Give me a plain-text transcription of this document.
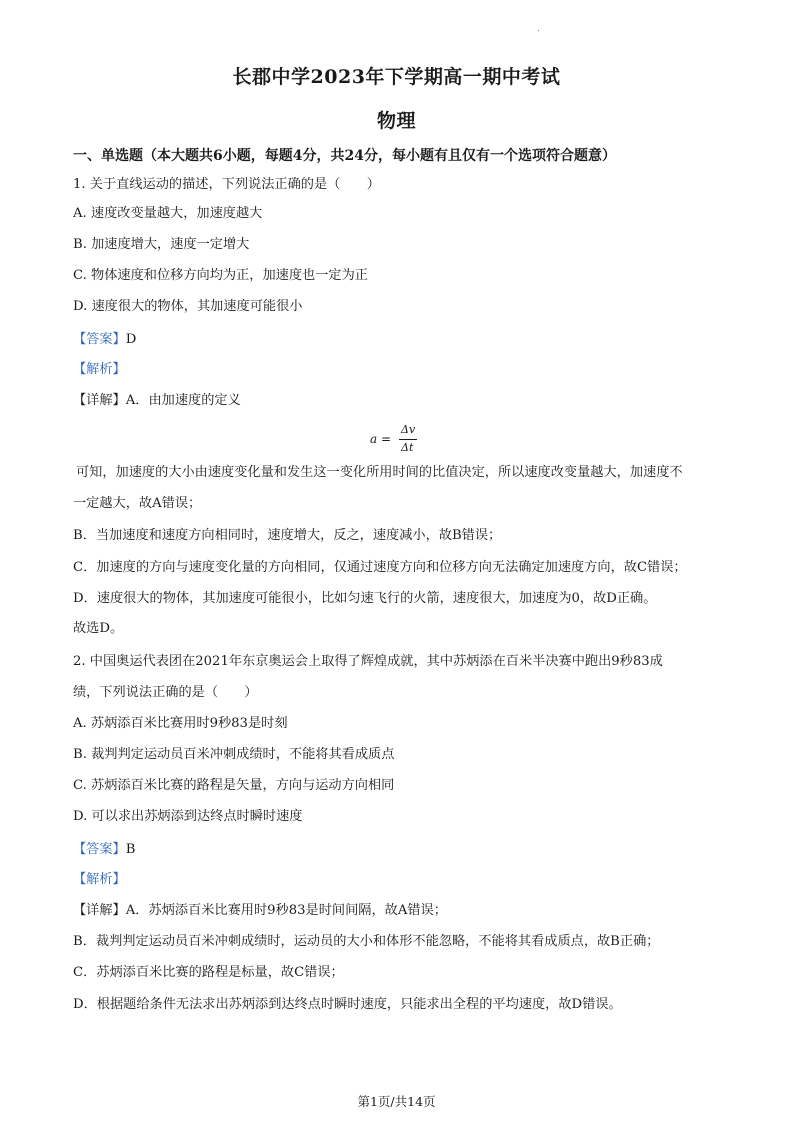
长郡中学2023年下学期高一期中考试
物理
一、单选题（本大题共6小题，每题4分，共24分，每小题有且仅有一个选项符合题意）
1. 关于直线运动的描述，下列说法正确的是（　　）
A. 速度改变量越大，加速度越大
B. 加速度增大，速度一定增大
C. 物体速度和位移方向均为正，加速度也一定为正
D. 速度很大的物体，其加速度可能很小
【答案】D
【解析】
【详解】A．由加速度的定义
a =
Δv
Δt
可知，加速度的大小由速度变化量和发生这一变化所用时间的比值决定，所以速度改变量越大，加速度不
一定越大，故A错误；
B．当加速度和速度方向相同时，速度增大，反之，速度减小，故B错误；
C．加速度的方向与速度变化量的方向相同，仅通过速度方向和位移方向无法确定加速度方向，故C错误；
D．速度很大的物体，其加速度可能很小，比如匀速飞行的火箭，速度很大，加速度为0，故D正确。
故选D。
2. 中国奥运代表团在2021年东京奥运会上取得了辉煌成就，其中苏炳添在百米半决赛中跑出9秒83成
绩，下列说法正确的是（　　）
A. 苏炳添百米比赛用时9秒83是时刻
B. 裁判判定运动员百米冲刺成绩时，不能将其看成质点
C. 苏炳添百米比赛的路程是矢量，方向与运动方向相同
D. 可以求出苏炳添到达终点时瞬时速度
【答案】B
【解析】
【详解】A．苏炳添百米比赛用时9秒83是时间间隔，故A错误；
B．裁判判定运动员百米冲刺成绩时，运动员的大小和体形不能忽略，不能将其看成质点，故B正确；
C．苏炳添百米比赛的路程是标量，故C错误；
D．根据题给条件无法求出苏炳添到达终点时瞬时速度，只能求出全程的平均速度，故D错误。
第1页/共14页
